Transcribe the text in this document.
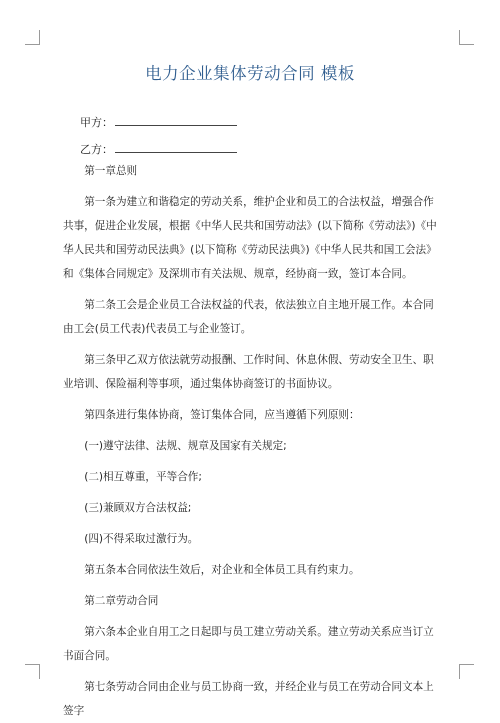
电力企业集体劳动合同 模板
甲方：
乙方：

第一章总则

第一条为建立和谐稳定的劳动关系，维护企业和员工的合法权益，增强合作共事，促进企业发展，根据《中华人民共和国劳动法》(以下简称《劳动法》)《中华人民共和国劳动民法典》(以下简称《劳动民法典》)《中华人民共和国工会法》和《集体合同规定》及深圳市有关法规、规章，经协商一致，签订本合同。

第二条工会是企业员工合法权益的代表，依法独立自主地开展工作。本合同由工会(员工代表)代表员工与企业签订。

第三条甲乙双方依法就劳动报酬、工作时间、休息休假、劳动安全卫生、职业培训、保险福利等事项，通过集体协商签订的书面协议。

第四条进行集体协商，签订集体合同，应当遵循下列原则：

(一)遵守法律、法规、规章及国家有关规定;

(二)相互尊重，平等合作;

(三)兼顾双方合法权益;

(四)不得采取过激行为。

第五条本合同依法生效后，对企业和全体员工具有约束力。

第二章劳动合同

第六条本企业自用工之日起即与员工建立劳动关系。建立劳动关系应当订立书面合同。

第七条劳动合同由企业与员工协商一致，并经企业与员工在劳动合同文本上签字
